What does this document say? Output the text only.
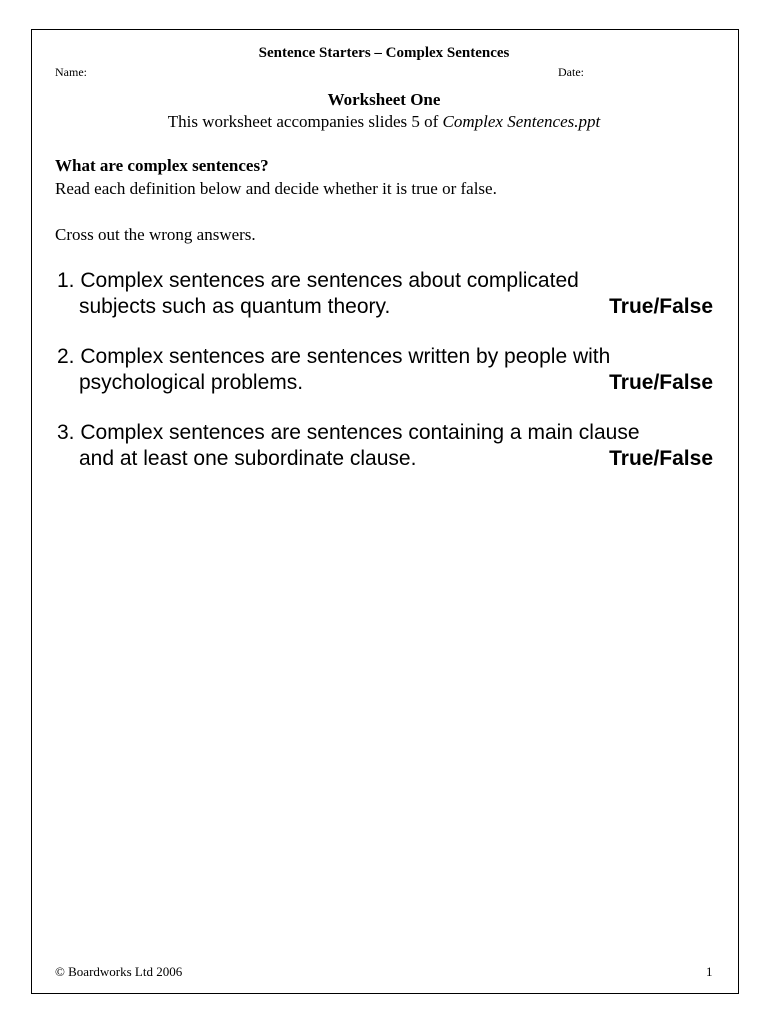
Sentence Starters – Complex Sentences
Name:	Date:
Worksheet One
This worksheet accompanies slides 5 of Complex Sentences.ppt
What are complex sentences?
Read each definition below and decide whether it is true or false.
Cross out the wrong answers.
1. Complex sentences are sentences about complicated
subjects such as quantum theory.	True/False
2. Complex sentences are sentences written by people with
psychological problems.	True/False
3. Complex sentences are sentences containing a main clause
and at least one subordinate clause.	True/False
© Boardworks Ltd 2006	1
